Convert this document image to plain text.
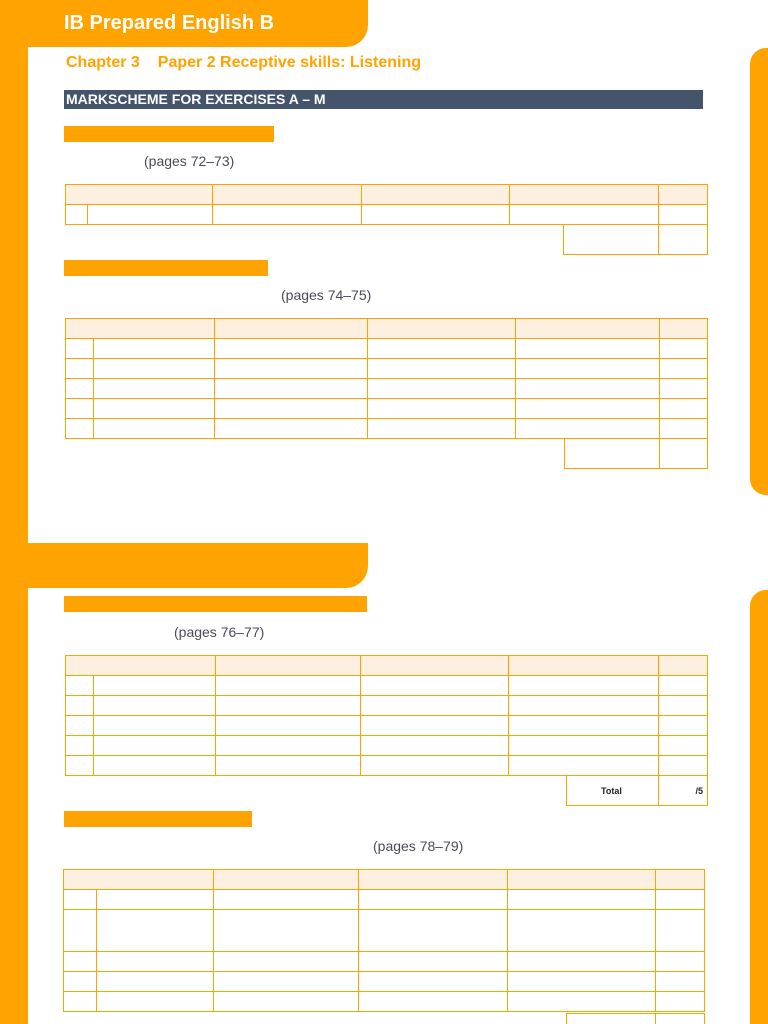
IB Prepared English B
Chapter 3 Paper 2 Receptive skills: Listening
MARKSCHEME FOR EXERCISES A – M
(pages 72–73)

(pages 74–75)

(pages 76–77)

Total	/5
(pages 78–79)
